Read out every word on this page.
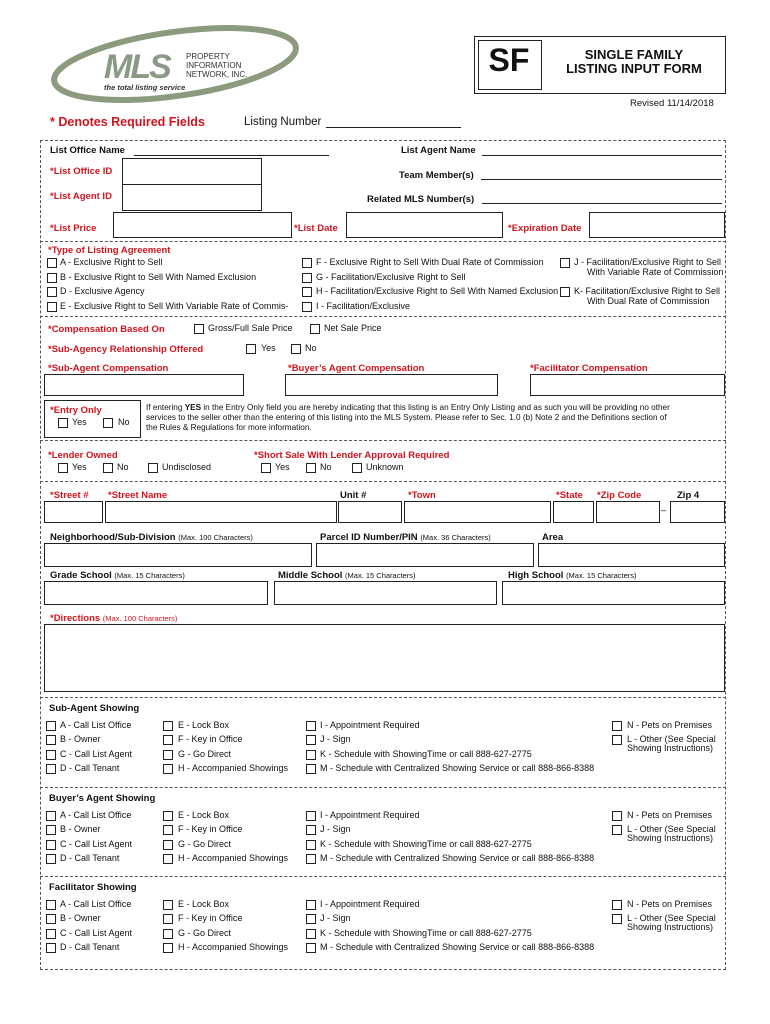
MLS PROPERTY
INFORMATION
NETWORK, INC.
the total listing service
SF	SINGLE FAMILY
LISTING INPUT FORM
Revised 11/14/2018
* Denotes Required Fields	Listing Number
List Office Name	List Agent Name
*List Office ID	Team Member(s)
*List Agent ID	Related MLS Number(s)
*List Price	*List Date	*Expiration Date
*Type of Listing Agreement
A - Exclusive Right to Sell
B - Exclusive Right to Sell With Named Exclusion
D - Exclusive Agency
E - Exclusive Right to Sell With Variable Rate of Commis-
F - Exclusive Right to Sell With Dual Rate of Commission
G - Facilitation/Exclusive Right to Sell
H - Facilitation/Exclusive Right to Sell With Named Exclusion
I - Facilitation/Exclusive
J - Facilitation/Exclusive Right to Sell
With Variable Rate of Commission
K- Facilitation/Exclusive Right to Sell
With Dual Rate of Commission
*Compensation Based On	Gross/Full Sale Price	Net Sale Price
*Sub-Agency Relationship Offered	Yes	No
*Sub-Agent Compensation	*Buyer’s Agent Compensation	*Facilitator Compensation
*Entry Only
Yes	No
If entering YES in the Entry Only field you are hereby indicating that this listing is an Entry Only Listing and as such you will be providing no other
services to the seller other than the entering of this listing into the MLS System. Please refer to Sec. 1.0 (b) Note 2 and the Definitions section of
the Rules & Regulations for more information.
*Lender Owned
Yes	No	Undisclosed
*Short Sale With Lender Approval Required
Yes	No	Unknown
*Street # *Street Name	Unit #	*Town	*State *Zip Code
–
Zip 4
Neighborhood/Sub-Division (Max. 100 Characters)	Parcel ID Number/PIN (Max. 36 Characters)	Area
Grade School (Max. 15 Characters)	Middle School (Max. 15 Characters)	High School (Max. 15 Characters)
*Directions (Max. 100 Characters)
Sub-Agent Showing
A - Call List Office
B - Owner
C - Call List Agent
D - Call Tenant
E - Lock Box
F - Key in Office
G - Go Direct
H - Accompanied Showings
I - Appointment Required
J - Sign
K - Schedule with ShowingTime or call 888-627-2775
M - Schedule with Centralized Showing Service or call 888-866-8388
N - Pets on Premises
L - Other (See Special
Showing Instructions)
Buyer’s Agent Showing
A - Call List Office
B - Owner
C - Call List Agent
D - Call Tenant
E - Lock Box
F - Key in Office
G - Go Direct
H - Accompanied Showings
I - Appointment Required
J - Sign
K - Schedule with ShowingTime or call 888-627-2775
M - Schedule with Centralized Showing Service or call 888-866-8388
N - Pets on Premises
L - Other (See Special
Showing Instructions)
Facilitator Showing
A - Call List Office
B - Owner
C - Call List Agent
D - Call Tenant
E - Lock Box
F - Key in Office
G - Go Direct
H - Accompanied Showings
I - Appointment Required
J - Sign
K - Schedule with ShowingTime or call 888-627-2775
M - Schedule with Centralized Showing Service or call 888-866-8388
N - Pets on Premises
L - Other (See Special
Showing Instructions)
